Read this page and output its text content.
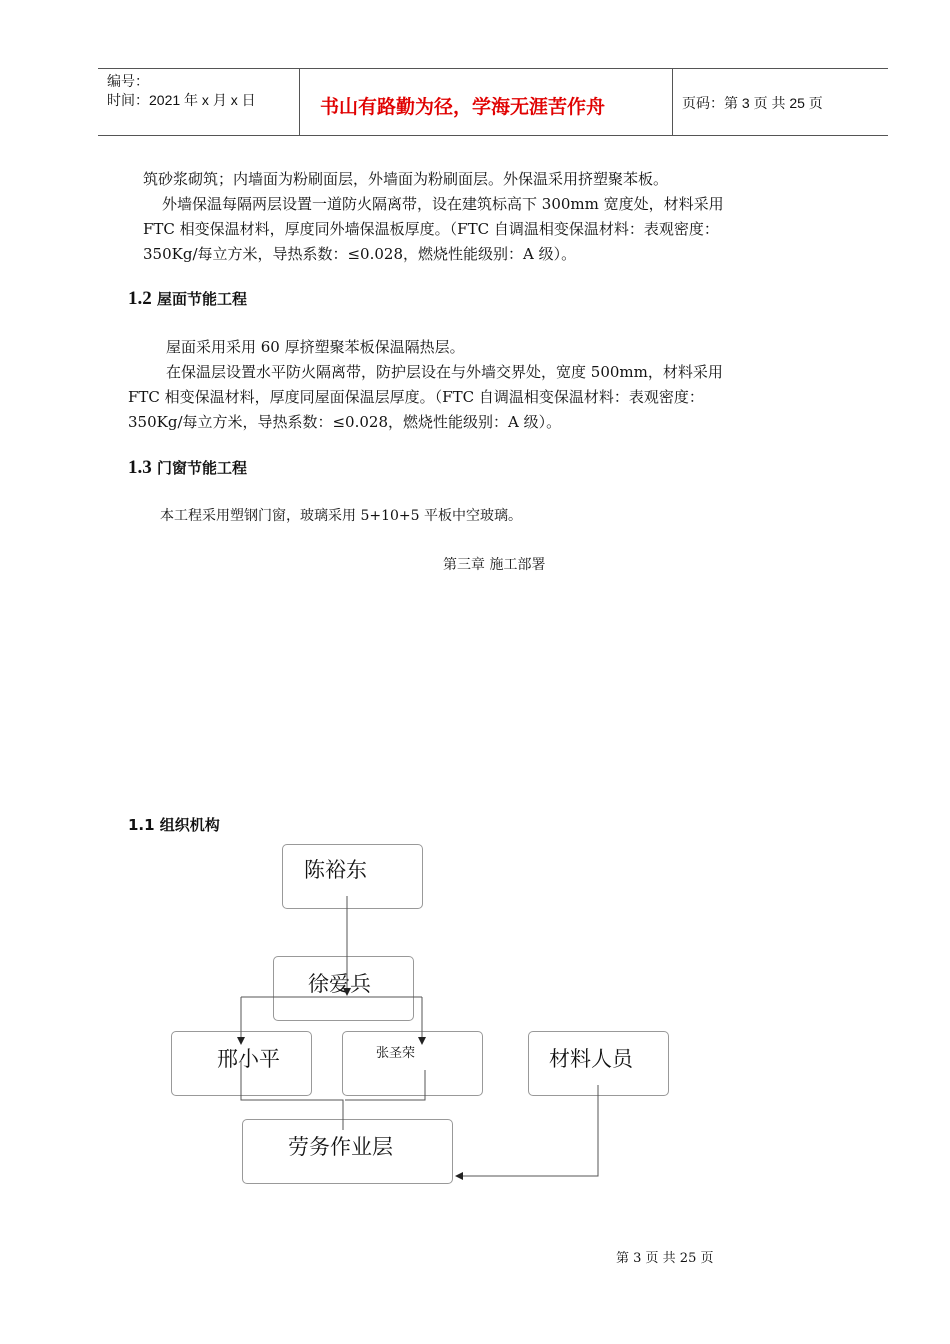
编号：
时间：2021 年 x 月 x 日	书山有路勤为径，学海无涯苦作舟	页码：第 3 页 共 25 页
筑砂浆砌筑；内墙面为粉刷面层，外墙面为粉刷面层。外保温采用挤塑聚苯板。
外墙保温每隔两层设置一道防火隔离带，设在建筑标高下 300mm 宽度处，材料采用
FTC 相变保温材料，厚度同外墙保温板厚度。（FTC 自调温相变保温材料：表观密度：
350Kg/每立方米，导热系数：≤0.028，燃烧性能级别：A 级）。
1.2 屋面节能工程
屋面采用采用 60 厚挤塑聚苯板保温隔热层。
在保温层设置水平防火隔离带，防护层设在与外墙交界处，宽度 500mm，材料采用
FTC 相变保温材料，厚度同屋面保温层厚度。（FTC 自调温相变保温材料：表观密度：
350Kg/每立方米，导热系数：≤0.028，燃烧性能级别：A 级）。
1.3 门窗节能工程
本工程采用塑钢门窗，玻璃采用 5+10+5 平板中空玻璃。
第三章 施工部署
1.1 组织机构
陈裕东
徐爱兵
邢小平	张圣荣	材料人员
劳务作业层
第 3 页 共 25 页
